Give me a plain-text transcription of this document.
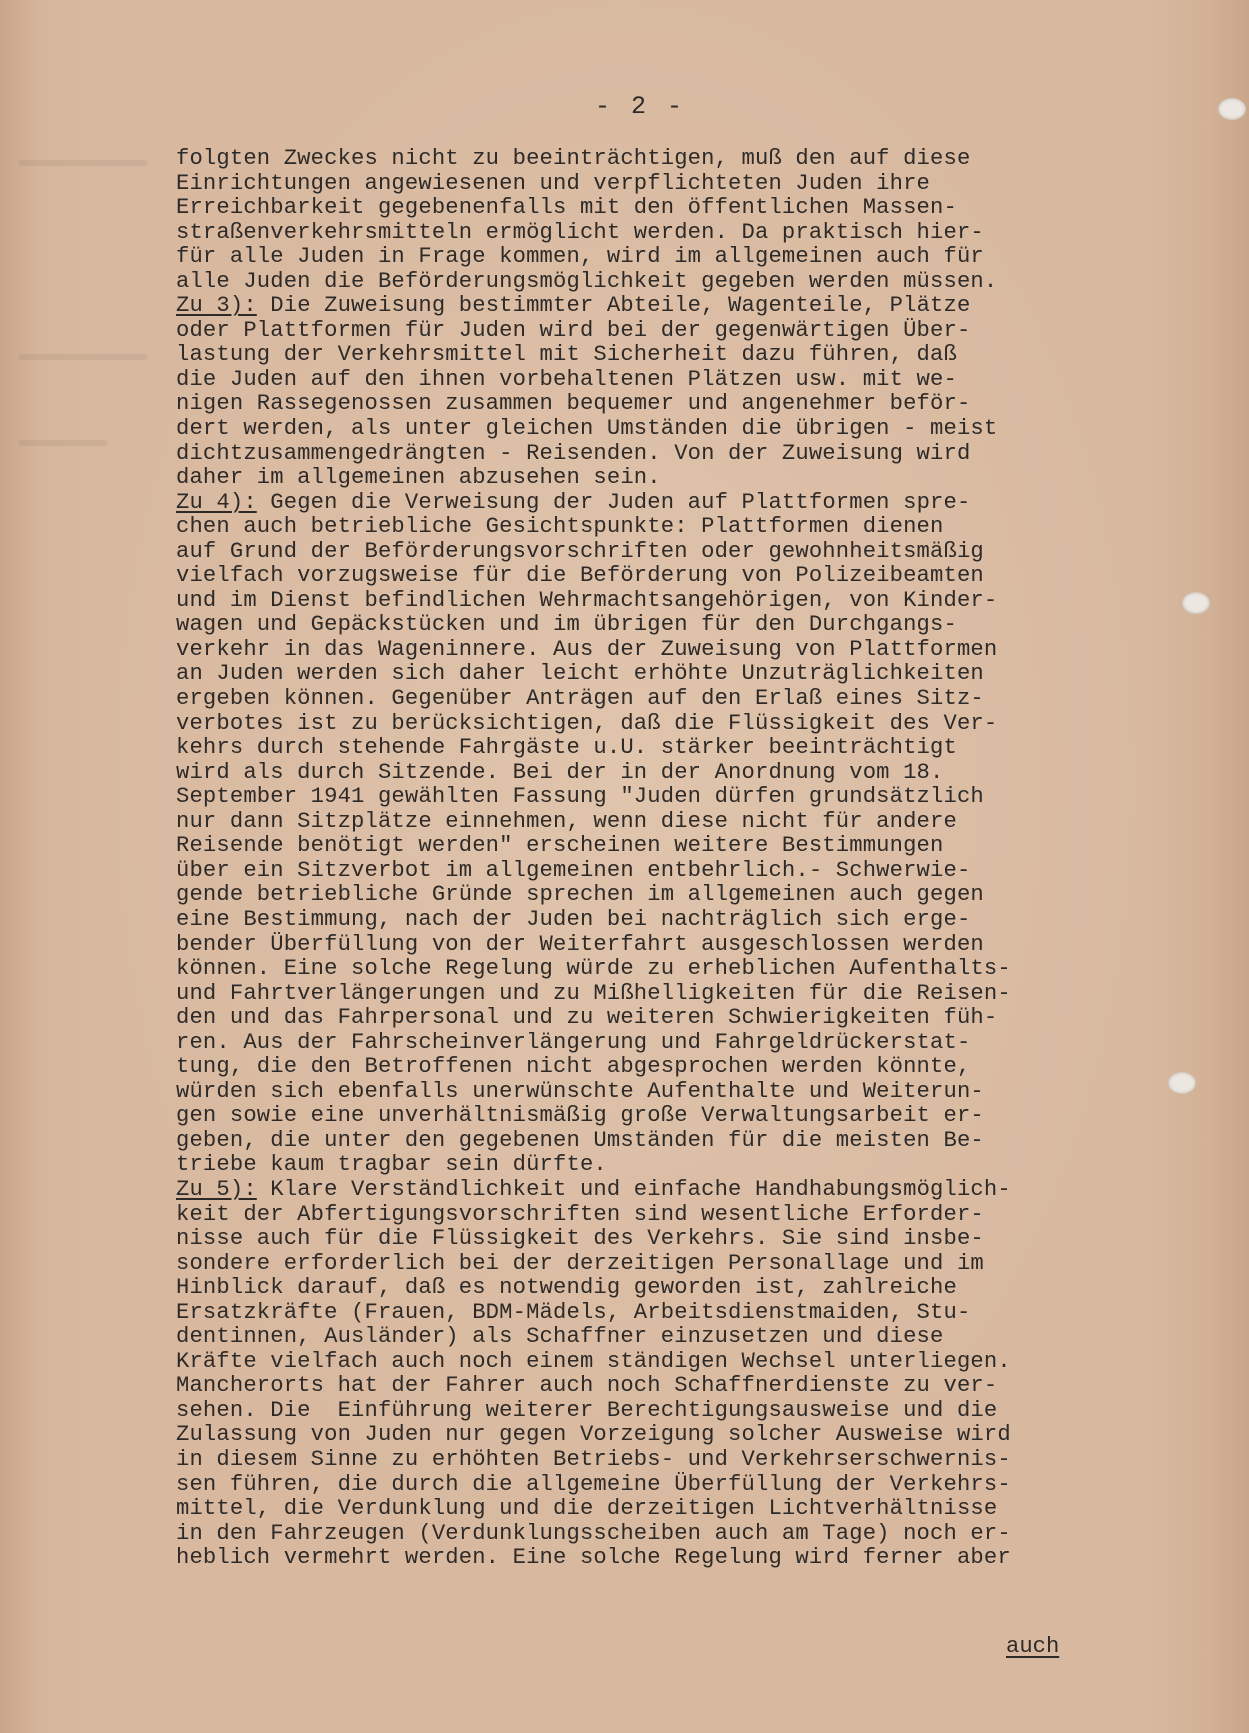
- 2 -
folgten Zweckes nicht zu beeinträchtigen, muß den auf diese
Einrichtungen angewiesenen und verpflichteten Juden ihre
Erreichbarkeit gegebenenfalls mit den öffentlichen Massen-
straßenverkehrsmitteln ermöglicht werden. Da praktisch hier-
für alle Juden in Frage kommen, wird im allgemeinen auch für
alle Juden die Beförderungsmöglichkeit gegeben werden müssen.
Zu 3): Die Zuweisung bestimmter Abteile, Wagenteile, Plätze
oder Plattformen für Juden wird bei der gegenwärtigen Über-
lastung der Verkehrsmittel mit Sicherheit dazu führen, daß
die Juden auf den ihnen vorbehaltenen Plätzen usw. mit we-
nigen Rassegenossen zusammen bequemer und angenehmer beför-
dert werden, als unter gleichen Umständen die übrigen - meist
dichtzusammengedrängten - Reisenden. Von der Zuweisung wird
daher im allgemeinen abzusehen sein.
Zu 4): Gegen die Verweisung der Juden auf Plattformen spre-
chen auch betriebliche Gesichtspunkte: Plattformen dienen
auf Grund der Beförderungsvorschriften oder gewohnheitsmäßig
vielfach vorzugsweise für die Beförderung von Polizeibeamten
und im Dienst befindlichen Wehrmachtsangehörigen, von Kinder-
wagen und Gepäckstücken und im übrigen für den Durchgangs-
verkehr in das Wageninnere. Aus der Zuweisung von Plattformen
an Juden werden sich daher leicht erhöhte Unzuträglichkeiten
ergeben können. Gegenüber Anträgen auf den Erlaß eines Sitz-
verbotes ist zu berücksichtigen, daß die Flüssigkeit des Ver-
kehrs durch stehende Fahrgäste u.U. stärker beeinträchtigt
wird als durch Sitzende. Bei der in der Anordnung vom 18.
September 1941 gewählten Fassung "Juden dürfen grundsätzlich
nur dann Sitzplätze einnehmen, wenn diese nicht für andere
Reisende benötigt werden" erscheinen weitere Bestimmungen
über ein Sitzverbot im allgemeinen entbehrlich.- Schwerwie-
gende betriebliche Gründe sprechen im allgemeinen auch gegen
eine Bestimmung, nach der Juden bei nachträglich sich erge-
bender Überfüllung von der Weiterfahrt ausgeschlossen werden
können. Eine solche Regelung würde zu erheblichen Aufenthalts-
und Fahrtverlängerungen und zu Mißhelligkeiten für die Reisen-
den und das Fahrpersonal und zu weiteren Schwierigkeiten füh-
ren. Aus der Fahrscheinverlängerung und Fahrgeldrückerstat-
tung, die den Betroffenen nicht abgesprochen werden könnte,
würden sich ebenfalls unerwünschte Aufenthalte und Weiterun-
gen sowie eine unverhältnismäßig große Verwaltungsarbeit er-
geben, die unter den gegebenen Umständen für die meisten Be-
triebe kaum tragbar sein dürfte.
Zu 5): Klare Verständlichkeit und einfache Handhabungsmöglich-
keit der Abfertigungsvorschriften sind wesentliche Erforder-
nisse auch für die Flüssigkeit des Verkehrs. Sie sind insbe-
sondere erforderlich bei der derzeitigen Personallage und im
Hinblick darauf, daß es notwendig geworden ist, zahlreiche
Ersatzkräfte (Frauen, BDM-Mädels, Arbeitsdienstmaiden, Stu-
dentinnen, Ausländer) als Schaffner einzusetzen und diese
Kräfte vielfach auch noch einem ständigen Wechsel unterliegen.
Mancherorts hat der Fahrer auch noch Schaffnerdienste zu ver-
sehen. Die  Einführung weiterer Berechtigungsausweise und die
Zulassung von Juden nur gegen Vorzeigung solcher Ausweise wird
in diesem Sinne zu erhöhten Betriebs- und Verkehrserschwernis-
sen führen, die durch die allgemeine Überfüllung der Verkehrs-
mittel, die Verdunklung und die derzeitigen Lichtverhältnisse
in den Fahrzeugen (Verdunklungsscheiben auch am Tage) noch er-
heblich vermehrt werden. Eine solche Regelung wird ferner aber
auch
